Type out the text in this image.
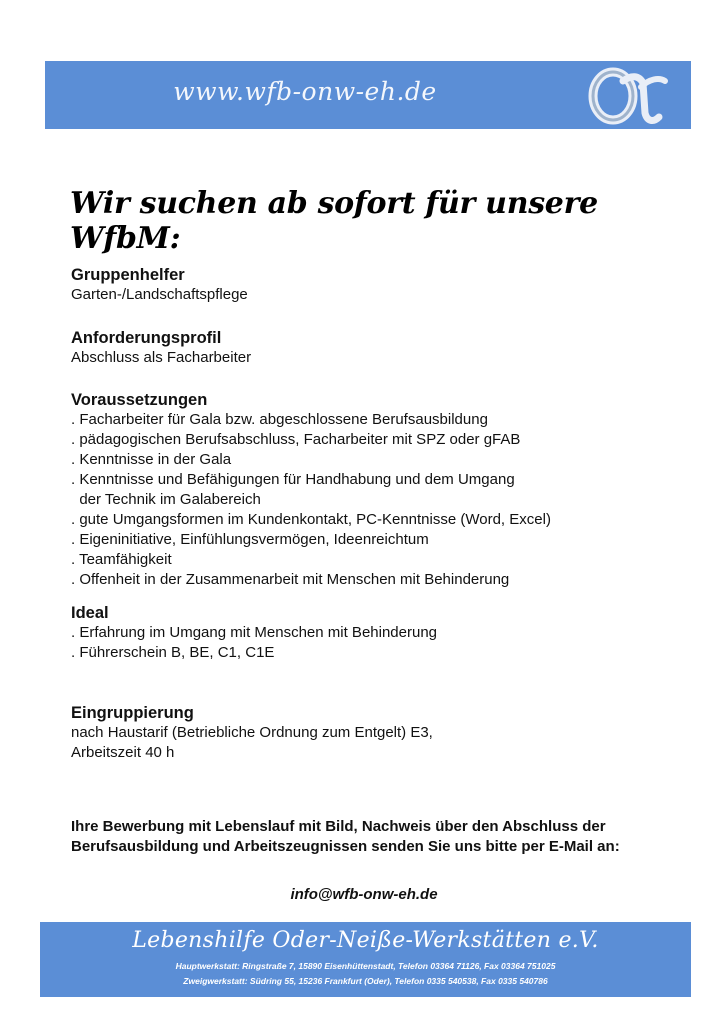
www.wfb-onw-eh.de
Wir suchen ab sofort für unsere WfbM:

Gruppenhelfer

Garten-/Landschaftspflege

Anforderungsprofil

Abschluss als Facharbeiter

Voraussetzungen

. Facharbeiter für Gala bzw. abgeschlossene Berufsausbildung

. pädagogischen Berufsabschluss, Facharbeiter mit SPZ oder gFAB

. Kenntnisse in der Gala

. Kenntnisse und Befähigungen für Handhabung und dem Umgang

der Technik im Galabereich

. gute Umgangsformen im Kundenkontakt, PC-Kenntnisse (Word, Excel)

. Eigeninitiative, Einfühlungsvermögen, Ideenreichtum

. Teamfähigkeit

. Offenheit in der Zusammenarbeit mit Menschen mit Behinderung

Ideal

. Erfahrung im Umgang mit Menschen mit Behinderung

. Führerschein B, BE, C1, C1E

Eingruppierung

nach Haustarif (Betriebliche Ordnung zum Entgelt) E3,

Arbeitszeit 40 h

Ihre Bewerbung mit Lebenslauf mit Bild, Nachweis über den Abschluss der Berufsausbildung und Arbeitszeugnissen senden Sie uns bitte per E-Mail an:
info@wfb-onw-eh.de
Lebenshilfe Oder-Neiße-Werkstätten e.V.
Hauptwerkstatt: Ringstraße 7, 15890 Eisenhüttenstadt, Telefon 03364 71126, Fax 03364 751025
Zweigwerkstatt: Südring 55, 15236 Frankfurt (Oder), Telefon 0335 540538, Fax 0335 540786
